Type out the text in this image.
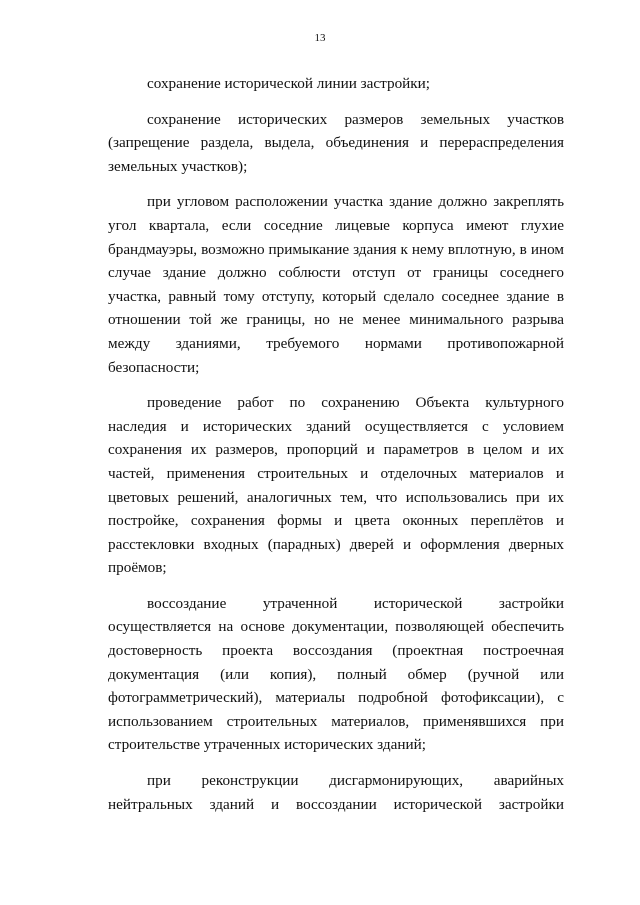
13

сохранение исторической линии застройки;

сохранение исторических размеров земельных участков (запрещение раздела, выдела, объединения и перераспределения земельных участков);

при угловом расположении участка здание должно закреплять угол квартала, если соседние лицевые корпуса имеют глухие брандмауэры, возможно примыкание здания к нему вплотную, в ином случае здание должно соблюсти отступ от границы соседнего участка, равный тому отступу, который сделало соседнее здание в отношении той же границы, но не менее минимального разрыва между зданиями, требуемого нормами противопожарной безопасности;

проведение работ по сохранению Объекта культурного наследия и исторических зданий осуществляется с условием сохранения их размеров, пропорций и параметров в целом и их частей, применения строительных и отделочных материалов и цветовых решений, аналогичных тем, что использовались при их постройке, сохранения формы и цвета оконных переплётов и расстекловки входных (парадных) дверей и оформления дверных проёмов;

воссоздание утраченной исторической застройки осуществляется на основе документации, позволяющей обеспечить достоверность проекта воссоздания (проектная построечная документация (или копия), полный обмер (ручной или фотограмметрический), материалы подробной фотофиксации), с использованием строительных материалов, применявшихся при строительстве утраченных исторических зданий;

при реконструкции дисгармонирующих, аварийных нейтральных зданий и воссоздании исторической застройки
